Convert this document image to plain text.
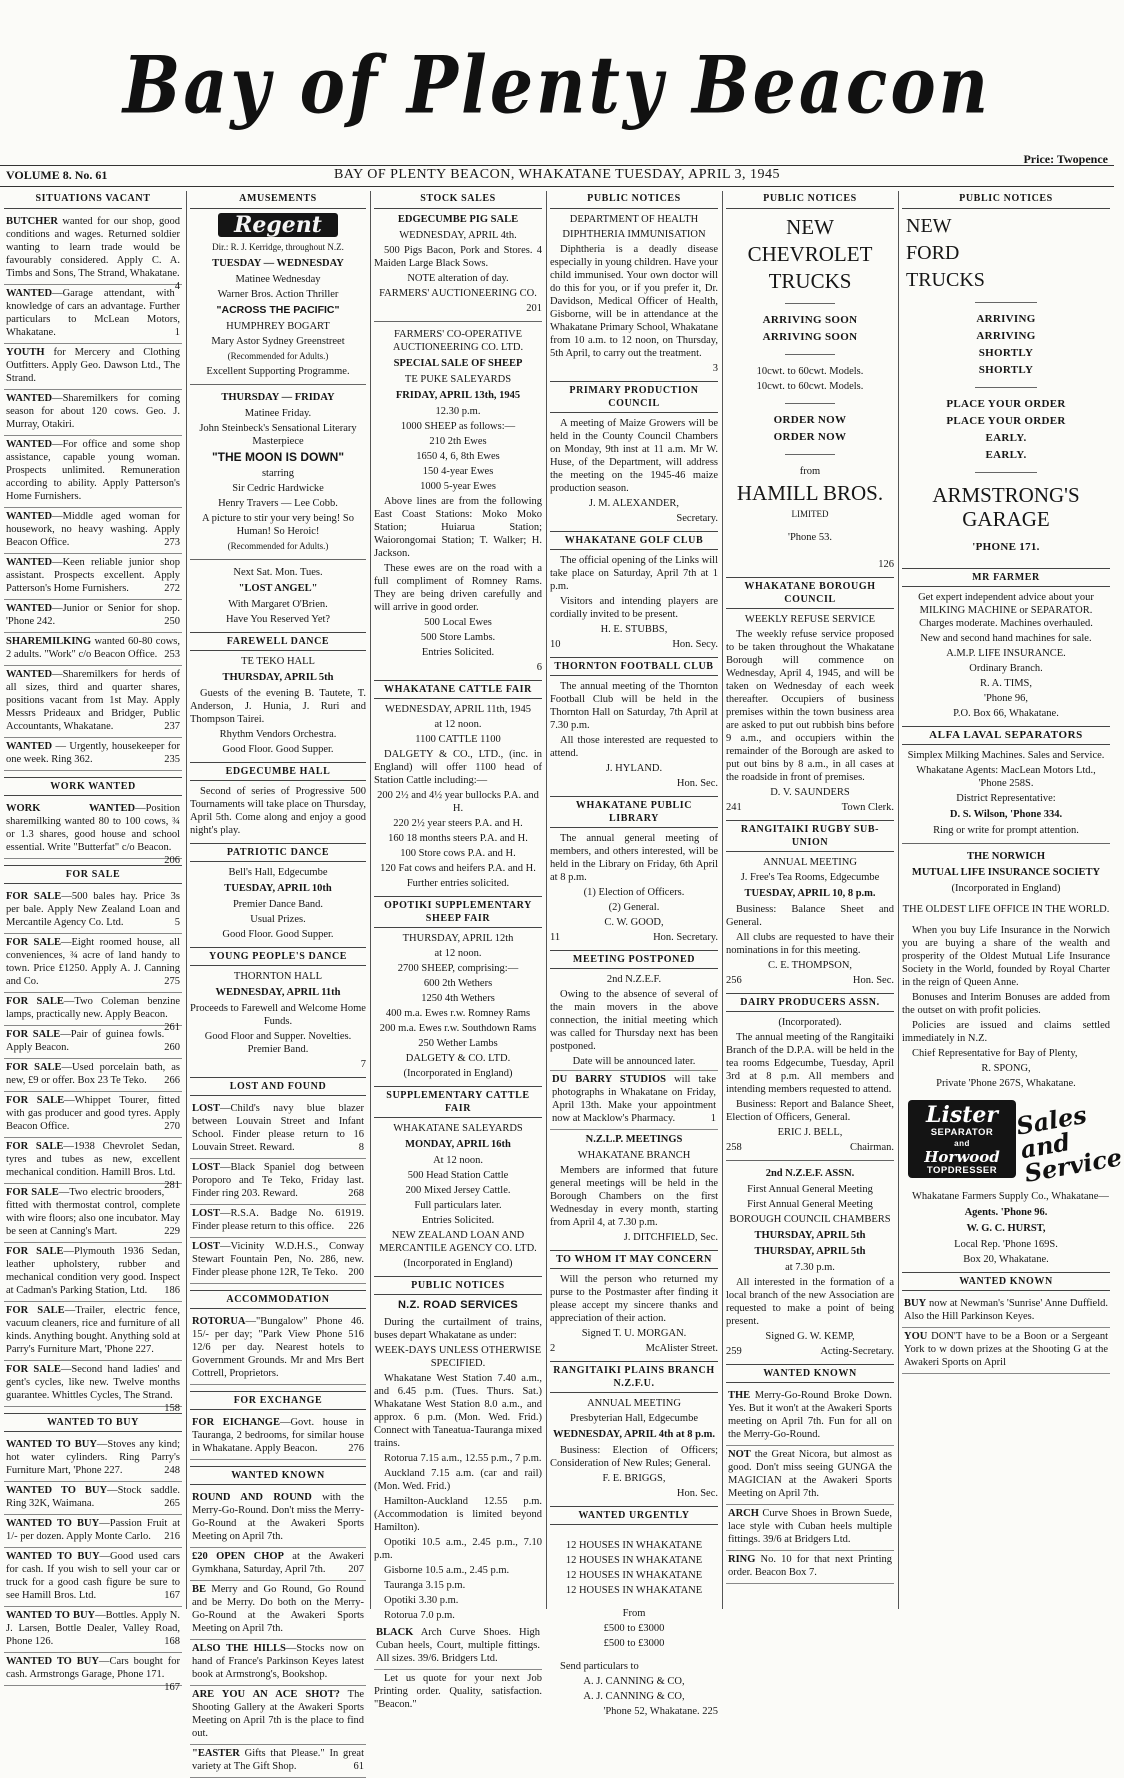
Bay of Plenty Beacon
Price: Twopence
VOLUME 8. No. 61	BAY OF PLENTY BEACON, WHAKATANE TUESDAY, APRIL 3, 1945
SITUATIONS VACANT
BUTCHER wanted for our shop, good conditions and wages. Returned soldier wanting to learn trade would be favourably considered. Apply C. A. Timbs and Sons, The Strand, Whakatane.
4
WANTED—Garage attendant, with knowledge of cars an advantage. Further particulars to McLean Motors, Whakatane.	1
YOUTH for Mercery and Clothing Outfitters. Apply Geo. Dawson Ltd., The Strand.
WANTED—Sharemilkers for coming season for about 120 cows. Geo. J. Murray, Otakiri.
WANTED—For office and some shop assistance, capable young woman. Prospects unlimited. Remuneration according to ability. Apply Patterson's Home Furnishers.
WANTED—Middle aged woman for housework, no heavy washing. Apply Beacon Office.	273
WANTED—Keen reliable junior shop assistant. Prospects excellent. Apply Patterson's Home Furnishers.	272
WANTED—Junior or Senior for shop. 'Phone 242.	250
SHAREMILKING wanted 60-80 cows, 2 adults. "Work" c/o Beacon Office. 253
WANTED—Sharemilkers for herds of all sizes, third and quarter shares, positions vacant from 1st May. Apply Messrs Prideaux and Bridger, Public Accountants, Whakatane.	237
WANTED — Urgently, housekeeper for one week. Ring 362.	235
WORK WANTED
WORK WANTED—Position sharemilking wanted 80 to 100 cows, ¾ or 1.3 shares, good house and school essential. Write "Butterfat" c/o Beacon.
206
FOR SALE
FOR SALE—500 bales hay. Price 3s per bale. Apply New Zealand Loan and Mercantile Agency Co. Ltd.	5
FOR SALE—Eight roomed house, all conveniences, ¾ acre of land handy to town. Price £1250. Apply A. J. Canning and Co.	275
FOR SALE—Two Coleman benzine lamps, practically new. Apply Beacon.
261
FOR SALE—Pair of guinea fowls. Apply Beacon.	260
FOR SALE—Used porcelain bath, as new, £9 or offer. Box 23 Te Teko. 266
FOR SALE—Whippet Tourer, fitted with gas producer and good tyres. Apply Beacon Office.	270
FOR SALE—1938 Chevrolet Sedan, tyres and tubes as new, excellent mechanical condition. Hamill Bros. Ltd.
281
FOR SALE—Two electric brooders, fitted with thermostat control, complete with wire floors; also one incubator. May be seen at Canning's Mart.	229
FOR SALE—Plymouth 1936 Sedan, leather upholstery, rubber and mechanical condition very good. Inspect at Cadman's Parking Station, Ltd. 186
FOR SALE—Trailer, electric fence, vacuum cleaners, rice and furniture of all kinds. Anything bought. Anything sold at Parry's Furniture Mart, 'Phone 227.
FOR SALE—Second hand ladies' and gent's cycles, like new. Twelve months guarantee. Whittles Cycles, The Strand.
158
WANTED TO BUY
WANTED TO BUY—Stoves any kind; hot water cylinders. Ring Parry's Furniture Mart, 'Phone 227.	248
WANTED TO BUY—Stock saddle. Ring 32K, Waimana.	265
WANTED TO BUY—Passion Fruit at 1/- per dozen. Apply Monte Carlo. 216
WANTED TO BUY—Good used cars for cash. If you wish to sell your car or truck for a good cash figure be sure to see Hamill Bros. Ltd.	167
WANTED TO BUY—Bottles. Apply N. J. Larsen, Bottle Dealer, Valley Road, Phone 126.	168
WANTED TO BUY—Cars bought for cash. Armstrongs Garage, Phone 171.
167
AMUSEMENTS
Regent
Dir.: R. J. Kerridge, throughout N.Z.
TUESDAY — WEDNESDAY
Matinee Wednesday
Warner Bros. Action Thriller
"ACROSS THE PACIFIC"
HUMPHREY BOGART
Mary Astor Sydney Greenstreet
(Recommended for Adults.)
Excellent Supporting Programme.
THURSDAY — FRIDAY
Matinee Friday.
John Steinbeck's Sensational Literary Masterpiece
"THE MOON IS DOWN"
starring
Sir Cedric Hardwicke
Henry Travers — Lee Cobb.
A picture to stir your very being! So Human! So Heroic!
(Recommended for Adults.)
Next Sat. Mon. Tues.
"LOST ANGEL"
With Margaret O'Brien.
Have You Reserved Yet?
FAREWELL DANCE
TE TEKO HALL
THURSDAY, APRIL 5th
Guests of the evening B. Tautete, T. Anderson, J. Hunia, J. Ruri and Thompson Tairei.
Rhythm Vendors Orchestra.
Good Floor. Good Supper.
EDGECUMBE HALL
Second of series of Progressive 500 Tournaments will take place on Thursday, April 5th. Come along and enjoy a good night's play.
PATRIOTIC DANCE
Bell's Hall, Edgecumbe
TUESDAY, APRIL 10th
Premier Dance Band.
Usual Prizes.
Good Floor. Good Supper.
YOUNG PEOPLE'S DANCE
THORNTON HALL
WEDNESDAY, APRIL 11th
Proceeds to Farewell and Welcome Home Funds.
Good Floor and Supper. Novelties. Premier Band.
7
LOST AND FOUND
LOST—Child's navy blue blazer between Louvain Street and Infant School. Finder please return to 16 Louvain Street. Reward.	8
LOST—Black Spaniel dog between Poroporo and Te Teko, Friday last. Finder ring 203. Reward.	268
LOST—R.S.A. Badge No. 61919. Finder please return to this office. 226
LOST—Vicinity W.D.H.S., Conway Stewart Fountain Pen, No. 286, new. Finder please phone 12R, Te Teko. 200
ACCOMMODATION
ROTORUA—"Bungalow" Phone 46. 15/- per day; "Park View Phone 516 12/6 per day. Nearest hotels to Government Grounds. Mr and Mrs Bert Cottrell, Proprietors.
FOR EXCHANGE
FOR EICHANGE—Govt. house in Tauranga, 2 bedrooms, for similar house in Whakatane. Apply Beacon.	276
WANTED KNOWN
ROUND AND ROUND with the Merry-Go-Round. Don't miss the Merry-Go-Round at the Awakeri Sports Meeting on April 7th.
£20 OPEN CHOP at the Awakeri Gymkhana, Saturday, April 7th. 207
BE Merry and Go Round, Go Round and be Merry. Do both on the Merry-Go-Round at the Awakeri Sports Meeting on April 7th.
ALSO THE HILLS—Stocks now on hand of France's Parkinson Keyes latest book at Armstrong's, Bookshop.
ARE YOU AN ACE SHOT? The Shooting Gallery at the Awakeri Sports Meeting on April 7th is the place to find out.
"EASTER Gifts that Please." In great variety at The Gift Shop.	61
STOCK SALES
EDGECUMBE PIG SALE
WEDNESDAY, APRIL 4th.
500 Pigs Bacon, Pork and Stores. 4 Maiden Large Black Sows.
NOTE alteration of day.
FARMERS' AUCTIONEERING CO.
201
FARMERS' CO-OPERATIVE AUCTIONEERING CO. LTD.
SPECIAL SALE OF SHEEP
TE PUKE SALEYARDS
FRIDAY, APRIL 13th, 1945
12.30 p.m.
1000 SHEEP as follows:—
210 2th Ewes
1650 4, 6, 8th Ewes
150 4-year Ewes
1000 5-year Ewes
Above lines are from the following East Coast Stations: Moko Moko Station; Huiarua Station; Waiorongomai Station; T. Walker; H. Jackson.
These ewes are on the road with a full compliment of Romney Rams. They are being driven carefully and will arrive in good order.
500 Local Ewes
500 Store Lambs.
Entries Solicited.
6
WHAKATANE CATTLE FAIR
WEDNESDAY, APRIL 11th, 1945
at 12 noon.
1100 CATTLE 1100
DALGETY & CO., LTD., (inc. in England) will offer 1100 head of Station Cattle including:—
200 2½ and 4½ year bullocks P.A. and H.
220 2½ year steers P.A. and H.
160 18 months steers P.A. and H.
100 Store cows P.A. and H.
120 Fat cows and heifers P.A. and H.
Further entries solicited.
OPOTIKI SUPPLEMENTARY SHEEP FAIR
THURSDAY, APRIL 12th
at 12 noon.
2700 SHEEP, comprising:—
600 2th Wethers
1250 4th Wethers
400 m.a. Ewes r.w. Romney Rams
200 m.a. Ewes r.w. Southdown Rams
250 Wether Lambs
DALGETY & CO. LTD.
(Incorporated in England)
SUPPLEMENTARY CATTLE FAIR
WHAKATANE SALEYARDS
MONDAY, APRIL 16th
At 12 noon.
500 Head Station Cattle
200 Mixed Jersey Cattle.
Full particulars later.
Entries Solicited.
NEW ZEALAND LOAN AND MERCANTILE AGENCY CO. LTD.
(Incorporated in England)
PUBLIC NOTICES
N.Z. ROAD SERVICES
During the curtailment of trains, buses depart Whakatane as under:
WEEK-DAYS UNLESS OTHERWISE SPECIFIED.
Whakatane West Station 7.40 a.m., and 6.45 p.m. (Tues. Thurs. Sat.) Whakatane West Station 8.0 a.m., and approx. 6 p.m. (Mon. Wed. Frid.) Connect with Taneatua-Tauranga mixed trains.
Rotorua 7.15 a.m., 12.55 p.m., 7 p.m.
Auckland 7.15 a.m. (car and rail) (Mon. Wed. Frid.)
Hamilton-Auckland 12.55 p.m. (Accommodation is limited beyond Hamilton).
Opotiki 10.5 a.m., 2.45 p.m., 7.10 p.m.
Gisborne 10.5 a.m., 2.45 p.m.
Tauranga 3.15 p.m.
Opotiki 3.30 p.m.
Rotorua 7.0 p.m.
BLACK Arch Curve Shoes. High Cuban heels, Court, multiple fittings. All sizes. 39/6. Bridgers Ltd.
Let us quote for your next Job Printing order. Quality, satisfaction. "Beacon."
PUBLIC NOTICES
DEPARTMENT OF HEALTH
DIPHTHERIA IMMUNISATION
Diphtheria is a deadly disease especially in young children. Have your child immunised. Your own doctor will do this for you, or if you prefer it, Dr. Davidson, Medical Officer of Health, Gisborne, will be in attendance at the Whakatane Primary School, Whakatane from 10 a.m. to 12 noon, on Thursday, 5th April, to carry out the treatment.
3
PRIMARY PRODUCTION COUNCIL
A meeting of Maize Growers will be held in the County Council Chambers on Monday, 9th inst at 11 a.m. Mr W. Huse, of the Department, will address the meeting on the 1945-46 maize production season.
J. M. ALEXANDER,
Secretary.
WHAKATANE GOLF CLUB
The official opening of the Links will take place on Saturday, April 7th at 1 p.m.
Visitors and intending players are cordially invited to be present.
H. E. STUBBS,
10	Hon. Secy.
THORNTON FOOTBALL CLUB
The annual meeting of the Thornton Football Club will be held in the Thornton Hall on Saturday, 7th April at 7.30 p.m.
All those interested are requested to attend.
J. HYLAND.
Hon. Sec.
WHAKATANE PUBLIC LIBRARY
The annual general meeting of members, and others interested, will be held in the Library on Friday, 6th April at 8 p.m.
(1) Election of Officers.
(2) General.
C. W. GOOD,
11	Hon. Secretary.
MEETING POSTPONED
2nd N.Z.E.F.
Owing to the absence of several of the main movers in the above connection, the initial meeting which was called for Thursday next has been postponed.
Date will be announced later.
DU BARRY STUDIOS will take photographs in Whakatane on Friday, April 13th. Make your appointment now at Macklow's Pharmacy.	1
N.Z.L.P. MEETINGS
WHAKATANE BRANCH
Members are informed that future general meetings will be held in the Borough Chambers on the first Wednesday in every month, starting from April 4, at 7.30 p.m.
J. DITCHFIELD, Sec.
TO WHOM IT MAY CONCERN
Will the person who returned my purse to the Postmaster after finding it please accept my sincere thanks and appreciation of their action.
Signed T. U. MORGAN.
2	McAlister Street.
RANGITAIKI PLAINS BRANCH N.Z.F.U.
ANNUAL MEETING
Presbyterian Hall, Edgecumbe
WEDNESDAY, APRIL 4th at 8 p.m.
Business: Election of Officers; Consideration of New Rules; General.
F. E. BRIGGS,
Hon. Sec.
WANTED URGENTLY
12 HOUSES IN WHAKATANE
12 HOUSES IN WHAKATANE
12 HOUSES IN WHAKATANE
12 HOUSES IN WHAKATANE
From
£500 to £3000
£500 to £3000
Send particulars to
A. J. CANNING & CO,
A. J. CANNING & CO,
'Phone 52, Whakatane. 225
PUBLIC NOTICES
NEW
CHEVROLET
TRUCKS
ARRIVING SOON
ARRIVING SOON
10cwt. to 60cwt. Models.
10cwt. to 60cwt. Models.
ORDER NOW
ORDER NOW
from
HAMILL BROS.
LIMITED
'Phone 53.
126
WHAKATANE BOROUGH COUNCIL
WEEKLY REFUSE SERVICE
The weekly refuse service proposed to be taken throughout the Whakatane Borough will commence on Wednesday, April 4, 1945, and will be taken on Wednesday of each week thereafter. Occupiers of business premises within the town business area are asked to put out rubbish bins before 9 a.m., and occupiers within the remainder of the Borough are asked to put out bins by 8 a.m., in all cases at the roadside in front of premises.
D. V. SAUNDERS
241	Town Clerk.
RANGITAIKI RUGBY SUB-UNION
ANNUAL MEETING
J. Free's Tea Rooms, Edgecumbe
TUESDAY, APRIL 10, 8 p.m.
Business: Balance Sheet and General.
All clubs are requested to have their nominations in for this meeting.
C. E. THOMPSON,
256	Hon. Sec.
DAIRY PRODUCERS ASSN.
(Incorporated).
The annual meeting of the Rangitaiki Branch of the D.P.A. will be held in the tea rooms Edgecumbe, Tuesday, April 3rd at 8 p.m. All members and intending members requested to attend.
Business: Report and Balance Sheet, Election of Officers, General.
ERIC J. BELL,
258	Chairman.
2nd N.Z.E.F. ASSN.
First Annual General Meeting
First Annual General Meeting
BOROUGH COUNCIL CHAMBERS
THURSDAY, APRIL 5th
THURSDAY, APRIL 5th
at 7.30 p.m.
All interested in the formation of a local branch of the new Association are requested to make a point of being present.
Signed G. W. KEMP,
259	Acting-Secretary.
WANTED KNOWN
THE Merry-Go-Round Broke Down. Yes. But it won't at the Awakeri Sports meeting on April 7th. Fun for all on the Merry-Go-Round.
NOT the Great Nicora, but almost as good. Don't miss seeing GUNGA the MAGICIAN at the Awakeri Sports Meeting on April 7th.
ARCH Curve Shoes in Brown Suede, lace style with Cuban heels multiple fittings. 39/6 at Bridgers Ltd.
RING No. 10 for that next Printing order. Beacon Box 7.
PUBLIC NOTICES
NEW
FORD
TRUCKS
ARRIVING
ARRIVING
SHORTLY
SHORTLY
PLACE YOUR ORDER
PLACE YOUR ORDER
EARLY.
EARLY.
ARMSTRONG'S GARAGE
'PHONE 171.
MR FARMER
Get expert independent advice about your MILKING MACHINE or SEPARATOR. Charges moderate. Machines overhauled.
New and second hand machines for sale.
A.M.P. LIFE INSURANCE.
Ordinary Branch.
R. A. TIMS,
'Phone 96,
P.O. Box 66, Whakatane.
ALFA LAVAL SEPARATORS
Simplex Milking Machines. Sales and Service.
Whakatane Agents: MacLean Motors Ltd., 'Phone 258S.
District Representative:
D. S. Wilson, 'Phone 334.
Ring or write for prompt attention.
THE NORWICH
MUTUAL LIFE INSURANCE SOCIETY
(Incorporated in England)
THE OLDEST LIFE OFFICE IN THE WORLD.
When you buy Life Insurance in the Norwich you are buying a share of the wealth and prosperity of the Oldest Mutual Life Insurance Society in the World, founded by Royal Charter in the reign of Queen Anne.
Bonuses and Interim Bonuses are added from the outset on with profit policies.
Policies are issued and claims settled immediately in N.Z.
Chief Representative for Bay of Plenty,
R. SPONG,
Private 'Phone 267S, Whakatane.
Lister
SEPARATOR
and
Horwood
TOPDRESSER
Sales and Service
Whakatane Farmers Supply Co., Whakatane—
Agents. 'Phone 96.
W. G. C. HURST,
Local Rep. 'Phone 169S.
Box 20, Whakatane.
WANTED KNOWN
BUY now at Newman's 'Sunrise' Anne Duffield. Also the Hill Parkinson Keyes.
YOU DON'T have to be a Boon or a Sergeant York to w down prizes at the Shooting G at the Awakeri Sports on April
